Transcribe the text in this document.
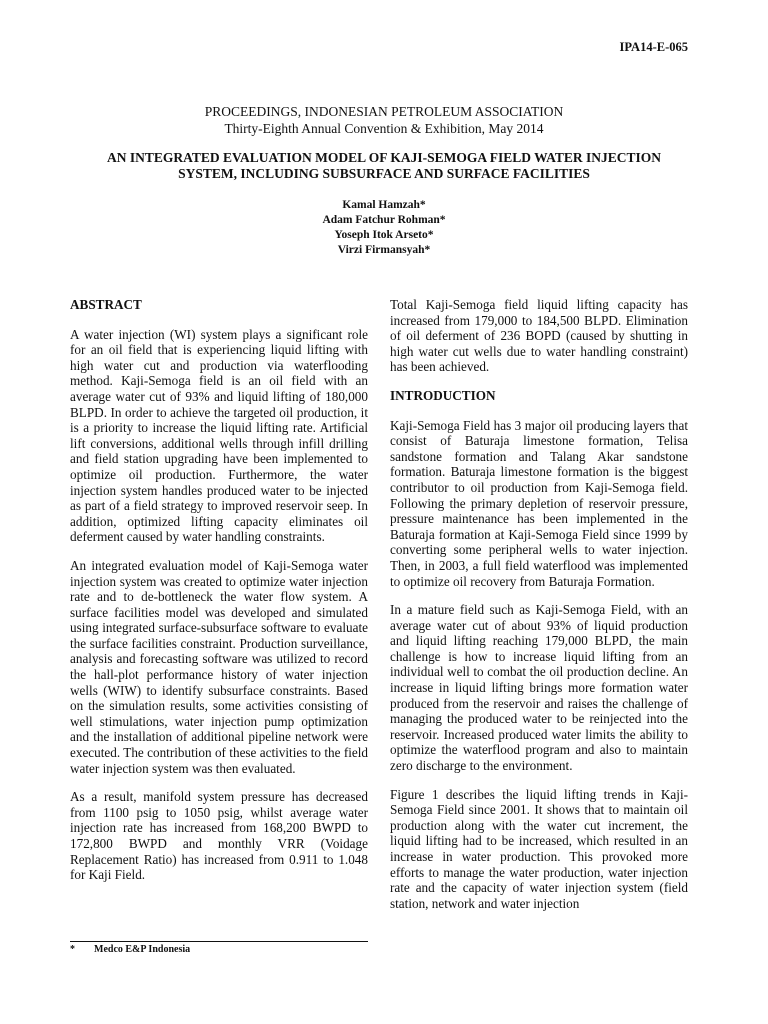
IPA14-E-065
PROCEEDINGS, INDONESIAN PETROLEUM ASSOCIATION
Thirty-Eighth Annual Convention & Exhibition, May 2014
AN INTEGRATED EVALUATION MODEL OF KAJI-SEMOGA FIELD WATER INJECTION
SYSTEM, INCLUDING SUBSURFACE AND SURFACE FACILITIES
Kamal Hamzah*
Adam Fatchur Rohman*
Yoseph Itok Arseto*
Virzi Firmansyah*
ABSTRACT

A water injection (WI) system plays a significant role for an oil field that is experiencing liquid lifting with high water cut and production via waterflooding method. Kaji-Semoga field is an oil field with an average water cut of 93% and liquid lifting of 180,000 BLPD. In order to achieve the targeted oil production, it is a priority to increase the liquid lifting rate. Artificial lift conversions, additional wells through infill drilling and field station upgrading have been implemented to optimize oil production. Furthermore, the water injection system handles produced water to be injected as part of a field strategy to improved reservoir seep. In addition, optimized lifting capacity eliminates oil deferment caused by water handling constraints.

An integrated evaluation model of Kaji-Semoga water injection system was created to optimize water injection rate and to de-bottleneck the water flow system. A surface facilities model was developed and simulated using integrated surface-subsurface software to evaluate the surface facilities constraint. Production surveillance, analysis and forecasting software was utilized to record the hall-plot performance history of water injection wells (WIW) to identify subsurface constraints. Based on the simulation results, some activities consisting of well stimulations, water injection pump optimization and the installation of additional pipeline network were executed. The contribution of these activities to the field water injection system was then evaluated.

As a result, manifold system pressure has decreased from 1100 psig to 1050 psig, whilst average water injection rate has increased from 168,200 BWPD to 172,800 BWPD and monthly VRR (Voidage Replacement Ratio) has increased from 0.911 to 1.048 for Kaji Field.

Total Kaji-Semoga field liquid lifting capacity has increased from 179,000 to 184,500 BLPD. Elimination of oil deferment of 236 BOPD (caused by shutting in high water cut wells due to water handling constraint) has been achieved.

INTRODUCTION

Kaji-Semoga Field has 3 major oil producing layers that consist of Baturaja limestone formation, Telisa sandstone formation and Talang Akar sandstone formation. Baturaja limestone formation is the biggest contributor to oil production from Kaji-Semoga field. Following the primary depletion of reservoir pressure, pressure maintenance has been implemented in the Baturaja formation at Kaji-Semoga Field since 1999 by converting some peripheral wells to water injection. Then, in 2003, a full field waterflood was implemented to optimize oil recovery from Baturaja Formation.

In a mature field such as Kaji-Semoga Field, with an average water cut of about 93% of liquid production and liquid lifting reaching 179,000 BLPD, the main challenge is how to increase liquid lifting from an individual well to combat the oil production decline. An increase in liquid lifting brings more formation water produced from the reservoir and raises the challenge of managing the produced water to be reinjected into the reservoir. Increased produced water limits the ability to optimize the waterflood program and also to maintain zero discharge to the environment.

Figure 1 describes the liquid lifting trends in Kaji-Semoga Field since 2001. It shows that to maintain oil production along with the water cut increment, the liquid lifting had to be increased, which resulted in an increase in water production. This provoked more efforts to manage the water production, water injection rate and the capacity of water injection system (field station, network and water injection

* Medco E&P Indonesia
